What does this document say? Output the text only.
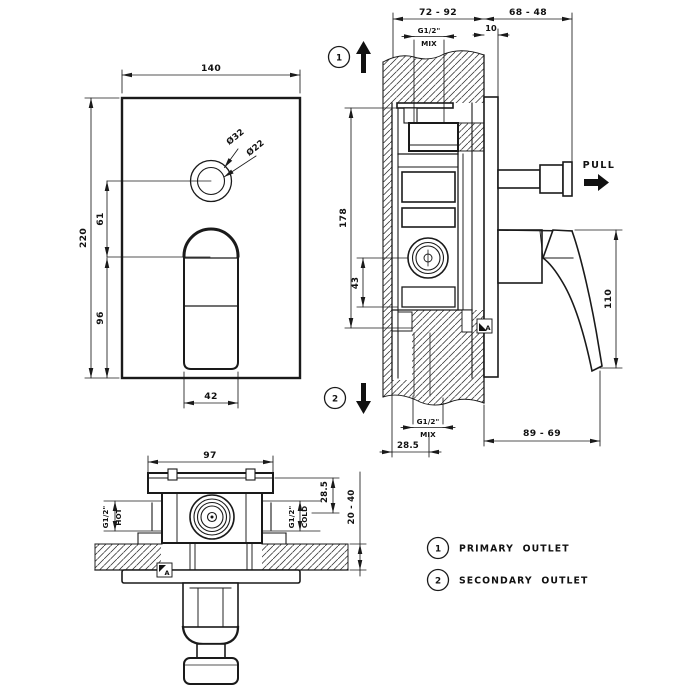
140
220
61
96
42
Ø32
Ø22
PULL
1
2
A
72 - 92	68 - 48
10
G1/2"
MIX
178
43
110
89 - 69
28.5
G1/2"
MIX
A
97
G1/2" HOT	G1/2" COLD
28.5 20 - 40
1 PRIMARY  OUTLET
2 SECONDARY  OUTLET
